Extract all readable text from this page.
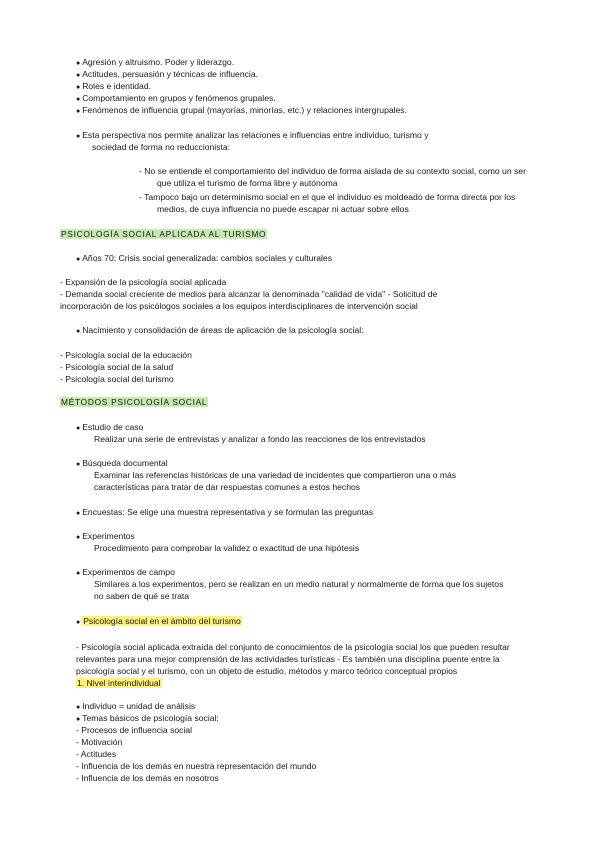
● Agresión y altruismo. Poder y liderazgo.
● Actitudes, persuasión y técnicas de influencia.
● Roles e identidad.
● Comportamiento en grupos y fenómenos grupales.
● Fenómenos de influencia grupal (mayorías, minorías, etc.) y relaciones intergrupales.
● Esta perspectiva nos permite analizar las relaciones e influencias entre individuo, turismo y
sociedad de forma no reduccionista:
- No se entiende el comportamiento del individuo de forma aislada de su contexto social, como un ser
que utiliza el turismo de forma libre y autónoma
- Tampoco bajo un determinismo social en el que el individuo es moldeado de forma directa por los
medios, de cuya influencia no puede escapar ni actuar sobre ellos
PSICOLOGÍA SOCIAL APLICADA AL TURISMO
● Años 70: Crisis social generalizada: cambios sociales y culturales
- Expansión de la psicología social aplicada
- Demanda social creciente de medios para alcanzar la denominada "calidad de vida" - Solicitud de
incorporación de los psicólogos sociales a los equipos interdisciplinares de intervención social
● Nacimiento y consolidación de áreas de aplicación de la psicología social:
- Psicología social de la educación
- Psicología social de la salud
- Psicología social del turismo
MÉTODOS PSICOLOGÍA SOCIAL
● Estudio de caso
Realizar una serie de entrevistas y analizar a fondo las reacciones de los entrevistados
● Búsqueda documental
Examinar las referencias históricas de una variedad de incidentes que compartieron una o más
características para tratar de dar respuestas comunes a estos hechos
● Encuestas: Se elige una muestra representativa y se formulan las preguntas
● Experimentos
Procedimiento para comprobar la validez o exactitud de una hipótesis
● Experimentos de campo
Similares a los experimentos, pero se realizan en un medio natural y normalmente de forma que los sujetos
no saben de qué se trata
● Psicología social en el ámbito del turismo
- Psicología social aplicada extraída del conjunto de conocimientos de la psicología social los que pueden resultar
relevantes para una mejor comprensión de las actividades turísticas - Es también una disciplina puente entre la
psicología social y el turismo, con un objeto de estudio, métodos y marco teórico conceptual propios
1. Nivel interindividual
● Individuo = unidad de análisis
● Temas básicos de psicología social:
- Procesos de influencia social
- Motivación
- Actitudes
- Influencia de los demás en nuestra representación del mundo
- Influencia de los demás en nosotros
